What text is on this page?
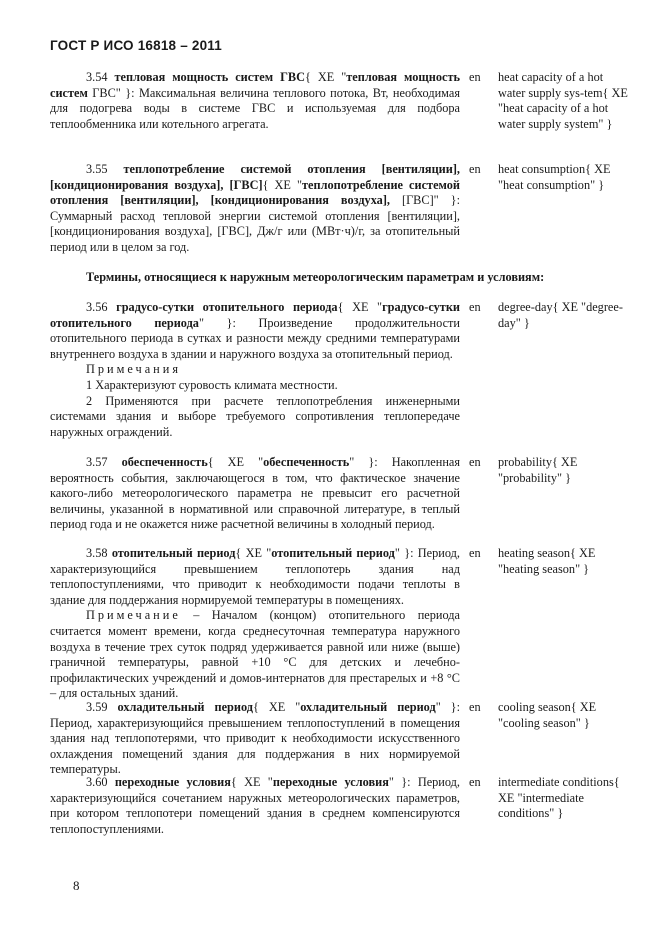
ГОСТ Р ИСО 16818 – 2011
3.54 тепловая мощность систем ГВС{ XE "тепловая мощность систем ГВС" }: Максимальная величина теплового потока, Вт, необходимая для подогрева воды в системе ГВС и используемая для подбора теплообменника или котельного агрегата.
en heat capacity of a hot water supply sys-tem{ XE "heat capacity of a hot water supply system" }
3.55 теплопотребление системой отопления [вентиляции], [кондиционирования воздуха], [ГВС]{ XE "теплопотребление системой отопления [вентиляции], [кондиционирования воздуха], [ГВС]" }: Суммарный расход тепловой энергии системой отопления [вентиляции], [кондиционирования воздуха], [ГВС], Дж/г или (МВт·ч)/г, за отопительный период или в целом за год.
en heat consumption{ XE "heat consumption" }
Термины, относящиеся к наружным метеорологическим параметрам и условиям:
3.56 градусо-сутки отопительного периода{ XE "градусо-сутки отопительного периода" }: Произведение продолжительности отопительного периода в сутках и разности между средними температурами внутреннего воздуха в здании и наружного воздуха за отопительный период.
Примечания
1 Характеризуют суровость климата местности.
2 Применяются при расчете теплопотребления инженерными системами здания и выборе требуемого сопротивления теплопередаче наружных ограждений.
en degree-day{ XE "degree-day" }
3.57 обеспеченность{ XE "обеспеченность" }: Накопленная вероятность события, заключающегося в том, что фактическое значение какого-либо метеорологического параметра не превысит его расчетной величины, указанной в нормативной или справочной литературе, в теплый период года и не окажется ниже расчетной величины в холодный период.
en probability{ XE "probability" }
3.58 отопительный период{ XE "отопительный период" }: Период, характеризующийся превышением теплопотерь здания над теплопоступлениями, что приводит к необходимости подачи теплоты в здание для поддержания нормируемой температуры в помещениях.
Примечание – Началом (концом) отопительного периода считается момент времени, когда среднесуточная температура наружного воздуха в течение трех суток подряд удерживается равной или ниже (выше) граничной температуры, равной +10 °С для детских и лечебно-профилактических учреждений и домов-интернатов для престарелых и +8 °С – для остальных зданий.
en heating season{ XE "heating season" }
3.59 охладительный период{ XE "охладительный период" }: Период, характеризующийся превышением теплопоступлений в помещения здания над теплопотерями, что приводит к необходимости искусственного охлаждения помещений здания для поддержания в них нормируемой температуры.
en cooling season{ XE "cooling season" }
3.60 переходные условия{ XE "переходные условия" }: Период, характеризующийся сочетанием наружных метеорологических параметров, при котором теплопотери помещений здания в среднем компенсируются теплопоступлениями.
en intermediate conditions{ XE "intermediate conditions" }
8
